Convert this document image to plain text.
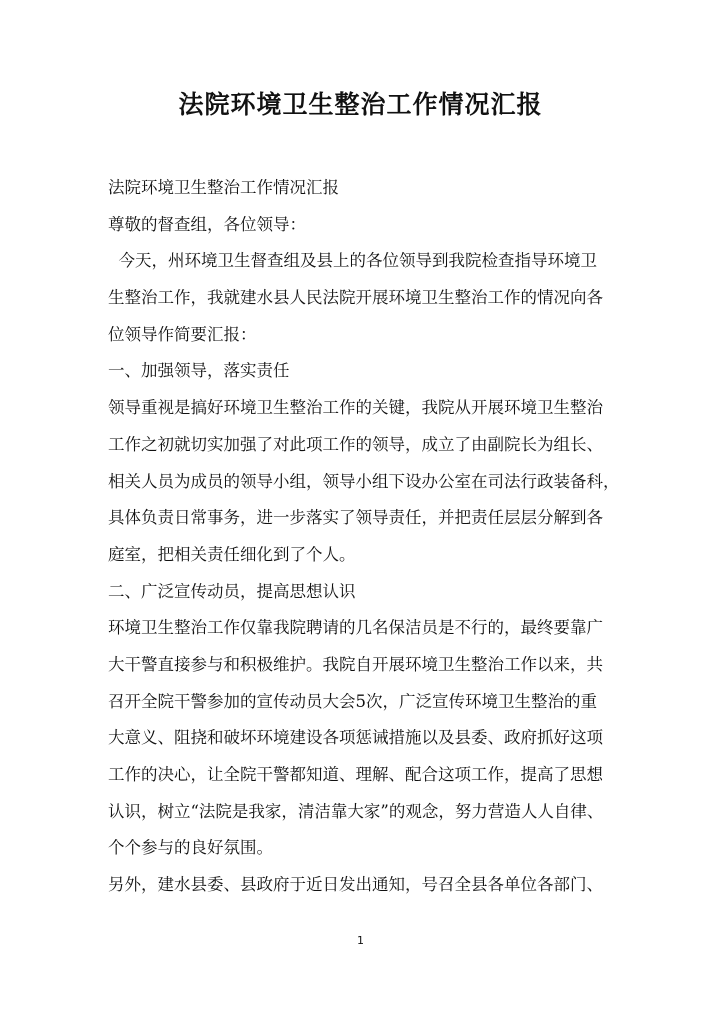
法院环境卫生整治工作情况汇报
法院环境卫生整治工作情况汇报
尊敬的督查组，各位领导：
今天，州环境卫生督查组及县上的各位领导到我院检查指导环境卫
生整治工作，我就建水县人民法院开展环境卫生整治工作的情况向各
位领导作简要汇报：
一、加强领导，落实责任
领导重视是搞好环境卫生整治工作的关键，我院从开展环境卫生整治
工作之初就切实加强了对此项工作的领导，成立了由副院长为组长、
相关人员为成员的领导小组，领导小组下设办公室在司法行政装备科，
具体负责日常事务，进一步落实了领导责任，并把责任层层分解到各
庭室，把相关责任细化到了个人。
二、广泛宣传动员，提高思想认识
环境卫生整治工作仅靠我院聘请的几名保洁员是不行的，最终要靠广
大干警直接参与和积极维护。我院自开展环境卫生整治工作以来，共
召开全院干警参加的宣传动员大会5次，广泛宣传环境卫生整治的重
大意义、阻挠和破坏环境建设各项惩诫措施以及县委、政府抓好这项
工作的决心，让全院干警都知道、理解、配合这项工作，提高了思想
认识，树立“法院是我家，清洁靠大家”的观念，努力营造人人自律、
个个参与的良好氛围。
另外，建水县委、县政府于近日发出通知，号召全县各单位各部门、
1
